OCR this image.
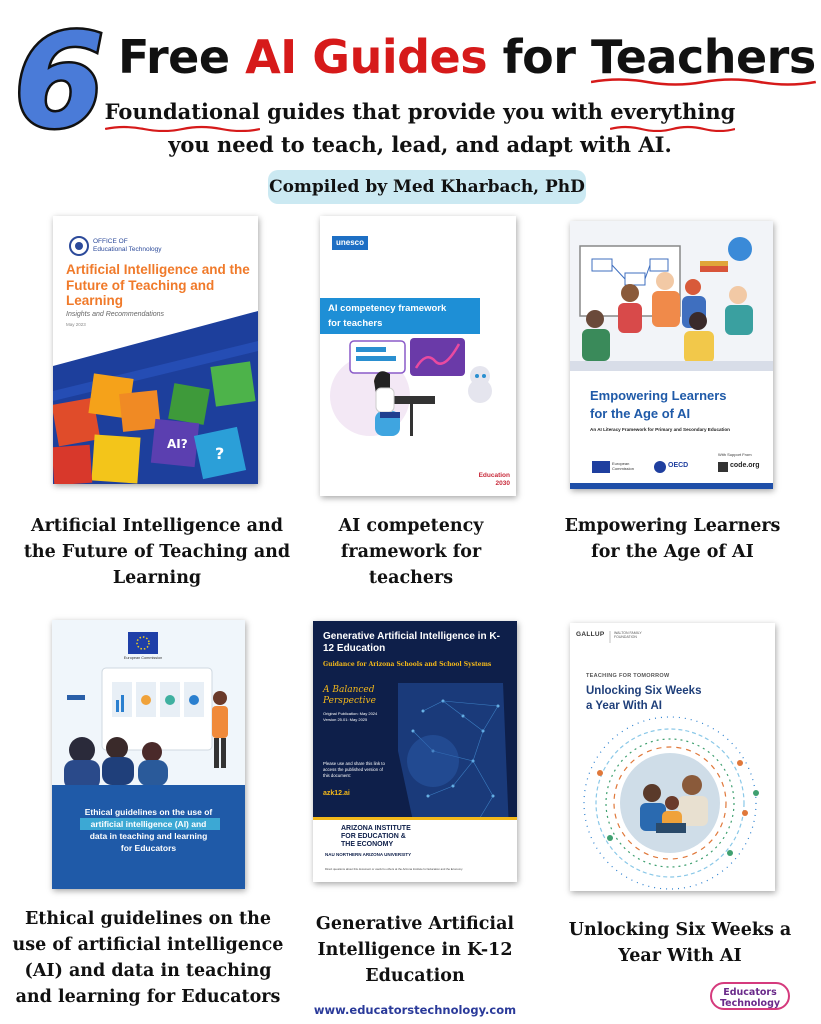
6 Free AI Guides for Teachers
Foundational
guides that provide you with everything
you need to teach, lead, and adapt with AI.
Compiled by Med Kharbach, PhD
AI? ?
OFFICE OF
Educational Technology
Artificial Intelligence and the Future of Teaching and Learning
Insights and Recommendations
May 2023
Artificial Intelligence and the Future of Teaching and Learning
unesco
AI competency framework
for teachers
Education 2030
AI competency framework for teachers
Empowering Learners
for the Age of AI
An AI Literacy Framework for Primary and Secondary Education
European Commission	OECD
With Support From
code.org
Empowering Learners for the Age of AI
European Commission
Ethical guidelines on the use of
artificial intelligence (AI) and
data in teaching and learning
for Educators
Ethical guidelines on the use of artificial intelligence (AI) and data in teaching and learning for Educators
Generative Artificial Intelligence in K-12 Education
Guidance for Arizona Schools and School Systems
A Balanced
Perspective
Original Publication: May 2024
Version 25.01: May 2025
Please use and share this link to access the published version of this document:
azk12.ai
ARIZONA INSTITUTE
FOR EDUCATION &
THE ECONOMY
NAU NORTHERN ARIZONA UNIVERSITY
Direct questions about this document or useful to others at the Arizona Institute for Education and the Economy.
Generative Artificial Intelligence in K-12 Education
GALLUP	WALTON FAMILY FOUNDATION
TEACHING FOR TOMORROW
Unlocking Six Weeks
a Year With AI
Unlocking Six Weeks a Year With AI
www.educatorstechnology.com
Educators
Technology
